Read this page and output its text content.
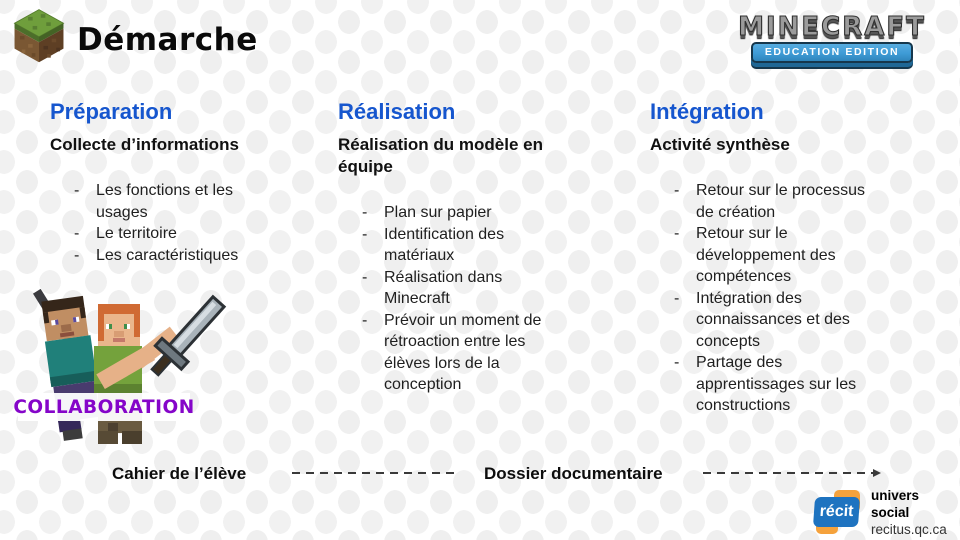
Démarche	MINECRAFT
EDUCATION EDITION
Préparation
Collecte d’informations
- Les fonctions et les usages
- Le territoire
- Les caractéristiques
Réalisation
Réalisation du modèle en équipe
- Plan sur papier
- Identification des matériaux
- Réalisation dans Minecraft
- Prévoir un moment de rétroaction entre les élèves lors de la conception
Intégration
Activité synthèse
- Retour sur le processus de création
- Retour sur le développement des compétences
- Intégration des connaissances et des concepts
- Partage des apprentissages sur les constructions
COLLABORATION
Cahier de l’élève	Dossier documentaire
récit
univers social
recitus.qc.ca
